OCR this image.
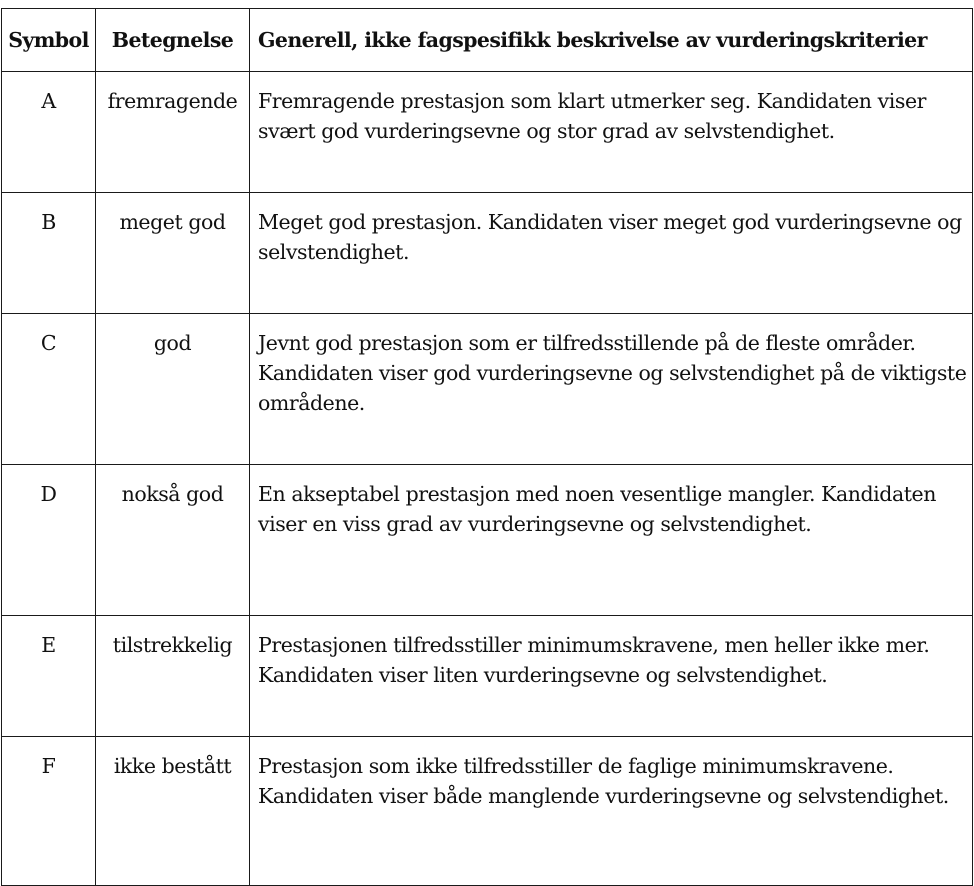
Symbol	Betegnelse	Generell, ikke fagspesifikk beskrivelse av vurderingskriterier
A	fremragende	Fremragende prestasjon som klart utmerker seg. Kandidaten viser svært god vurderingsevne og stor grad av selvstendighet.
B	meget god	Meget god prestasjon. Kandidaten viser meget god vurderingsevne og selvstendighet.
C	god	Jevnt god prestasjon som er tilfredsstillende på de fleste områder. Kandidaten viser god vurderingsevne og selvstendighet på de viktigste områdene.
D	nokså god	En akseptabel prestasjon med noen vesentlige mangler. Kandidaten viser en viss grad av vurderingsevne og selvstendighet.
E	tilstrekkelig	Prestasjonen tilfredsstiller minimumskravene, men heller ikke mer. Kandidaten viser liten vurderingsevne og selvstendighet.
F	ikke bestått	Prestasjon som ikke tilfredsstiller de faglige minimumskravene. Kandidaten viser både manglende vurderingsevne og selvstendighet.
